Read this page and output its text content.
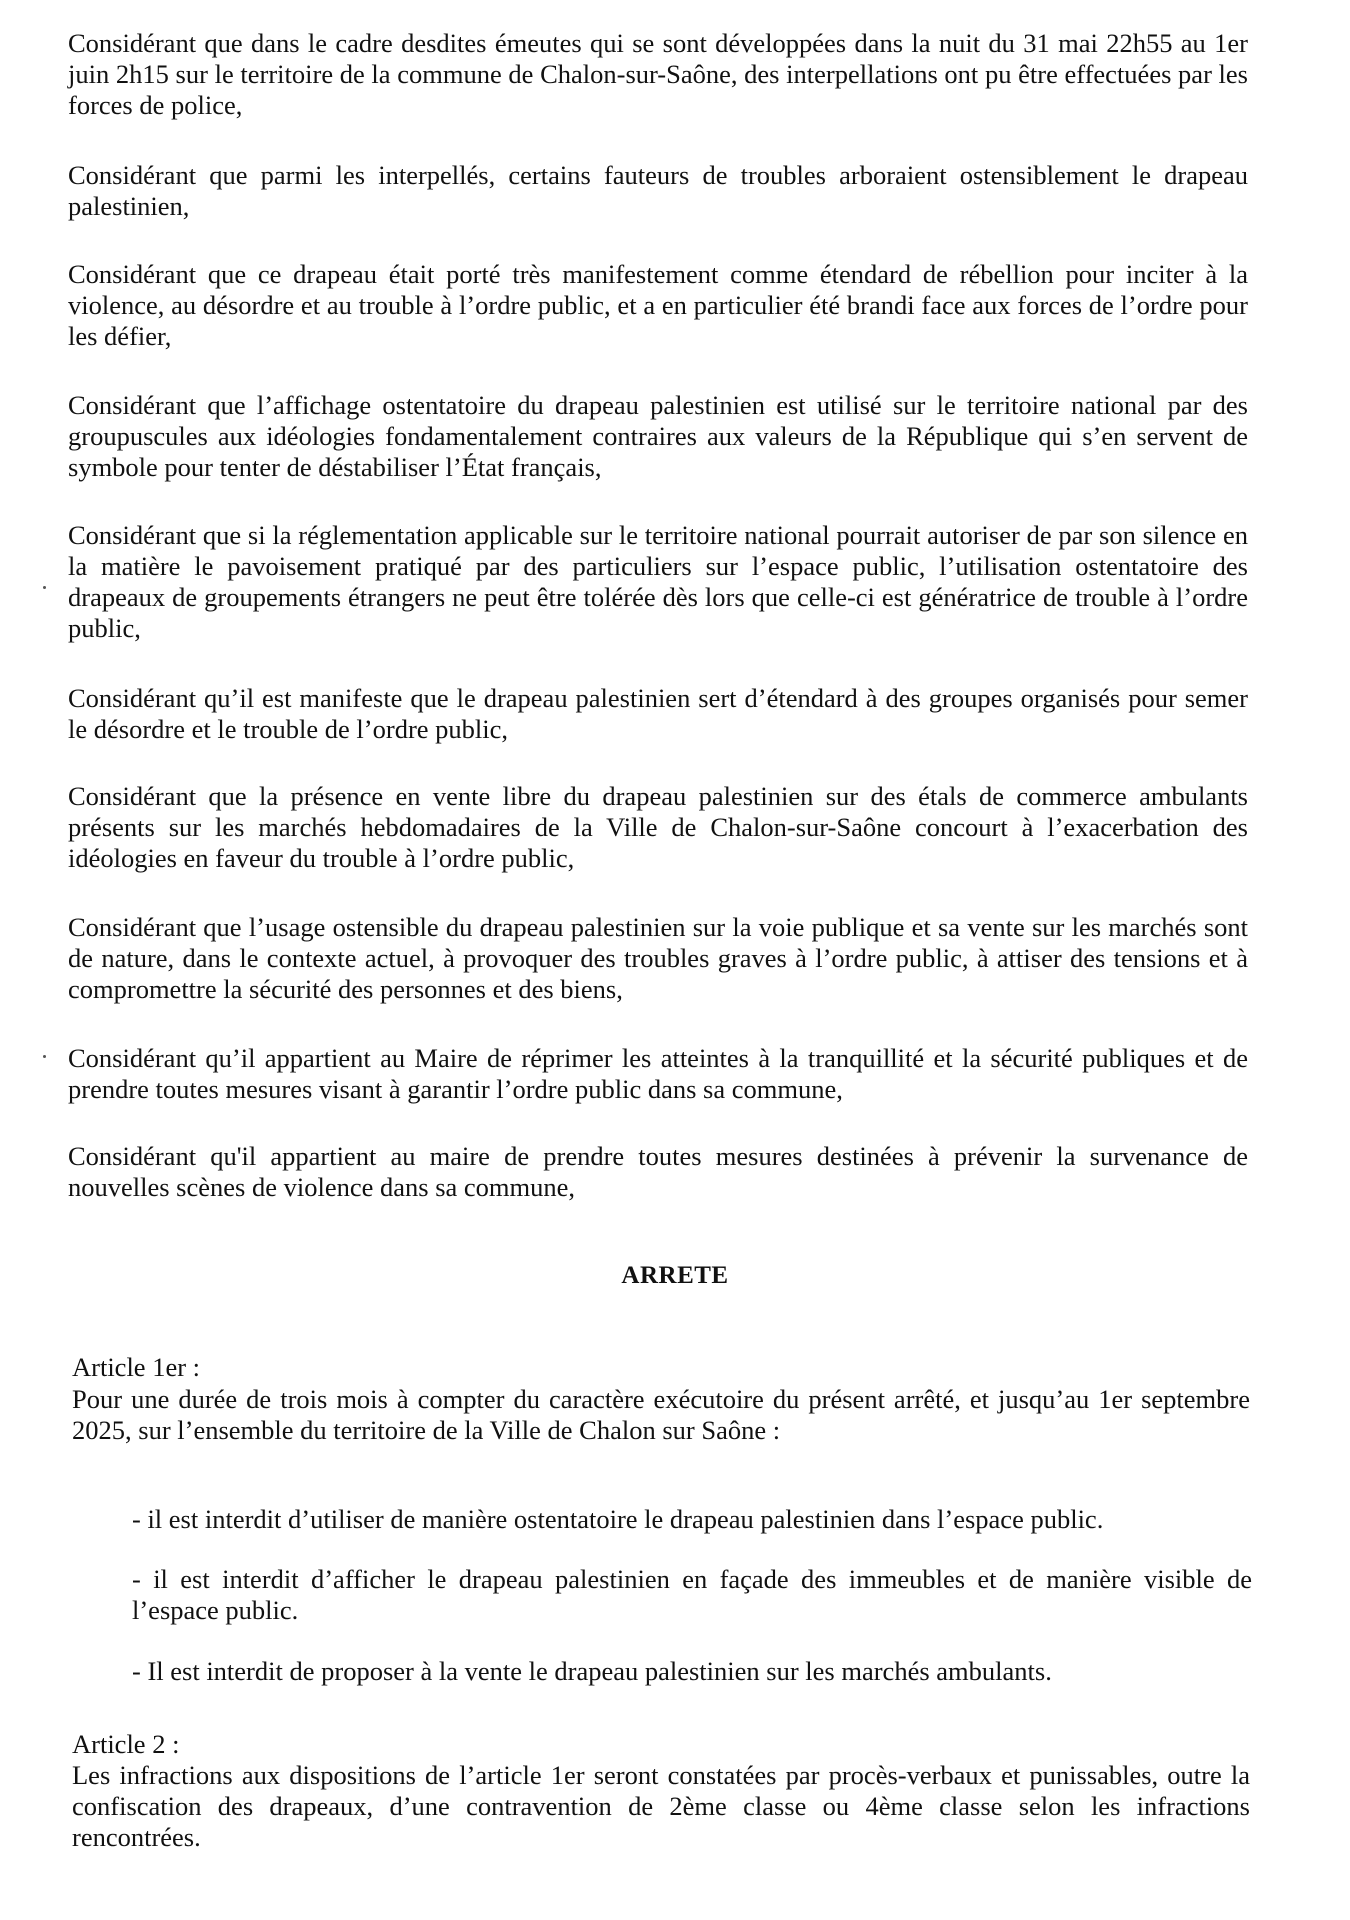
Considérant que dans le cadre desdites émeutes qui se sont développées dans la nuit du 31 mai 22h55 au 1er juin 2h15 sur le territoire de la commune de Chalon-sur-Saône, des interpellations ont pu être effectuées par les forces de police,

Considérant que parmi les interpellés, certains fauteurs de troubles arboraient ostensiblement le drapeau palestinien,

Considérant que ce drapeau était porté très manifestement comme étendard de rébellion pour inciter à la violence, au désordre et au trouble à l’ordre public, et a en particulier été brandi face aux forces de l’ordre pour les défier,

Considérant que l’affichage ostentatoire du drapeau palestinien est utilisé sur le territoire national par des groupuscules aux idéologies fondamentalement contraires aux valeurs de la République qui s’en servent de symbole pour tenter de déstabiliser l’État français,

Considérant que si la réglementation applicable sur le territoire national pourrait autoriser de par son silence en la matière le pavoisement pratiqué par des particuliers sur l’espace public, l’utilisation ostentatoire des drapeaux de groupements étrangers ne peut être tolérée dès lors que celle-ci est génératrice de trouble à l’ordre public,

Considérant qu’il est manifeste que le drapeau palestinien sert d’étendard à des groupes organisés pour semer le désordre et le trouble de l’ordre public,

Considérant que la présence en vente libre du drapeau palestinien sur des étals de commerce ambulants présents sur les marchés hebdomadaires de la Ville de Chalon-sur-Saône concourt à l’exacerbation des idéologies en faveur du trouble à l’ordre public,

Considérant que l’usage ostensible du drapeau palestinien sur la voie publique et sa vente sur les marchés sont de nature, dans le contexte actuel, à provoquer des troubles graves à l’ordre public, à attiser des tensions et à compromettre la sécurité des personnes et des biens,

Considérant qu’il appartient au Maire de réprimer les atteintes à la tranquillité et la sécurité publiques et de prendre toutes mesures visant à garantir l’ordre public dans sa commune,

Considérant qu'il appartient au maire de prendre toutes mesures destinées à prévenir la survenance de nouvelles scènes de violence dans sa commune,

ARRETE

Article 1er :

Pour une durée de trois mois à compter du caractère exécutoire du présent arrêté, et jusqu’au 1er septembre 2025, sur l’ensemble du territoire de la Ville de Chalon sur Saône :

- il est interdit d’utiliser de manière ostentatoire le drapeau palestinien dans l’espace public.

- il est interdit d’afficher le drapeau palestinien en façade des immeubles et de manière visible de l’espace public.

- Il est interdit de proposer à la vente le drapeau palestinien sur les marchés ambulants.

Article 2 :

Les infractions aux dispositions de l’article 1er seront constatées par procès-verbaux et punissables, outre la confiscation des drapeaux, d’une contravention de 2ème classe ou 4ème classe selon les infractions rencontrées.
